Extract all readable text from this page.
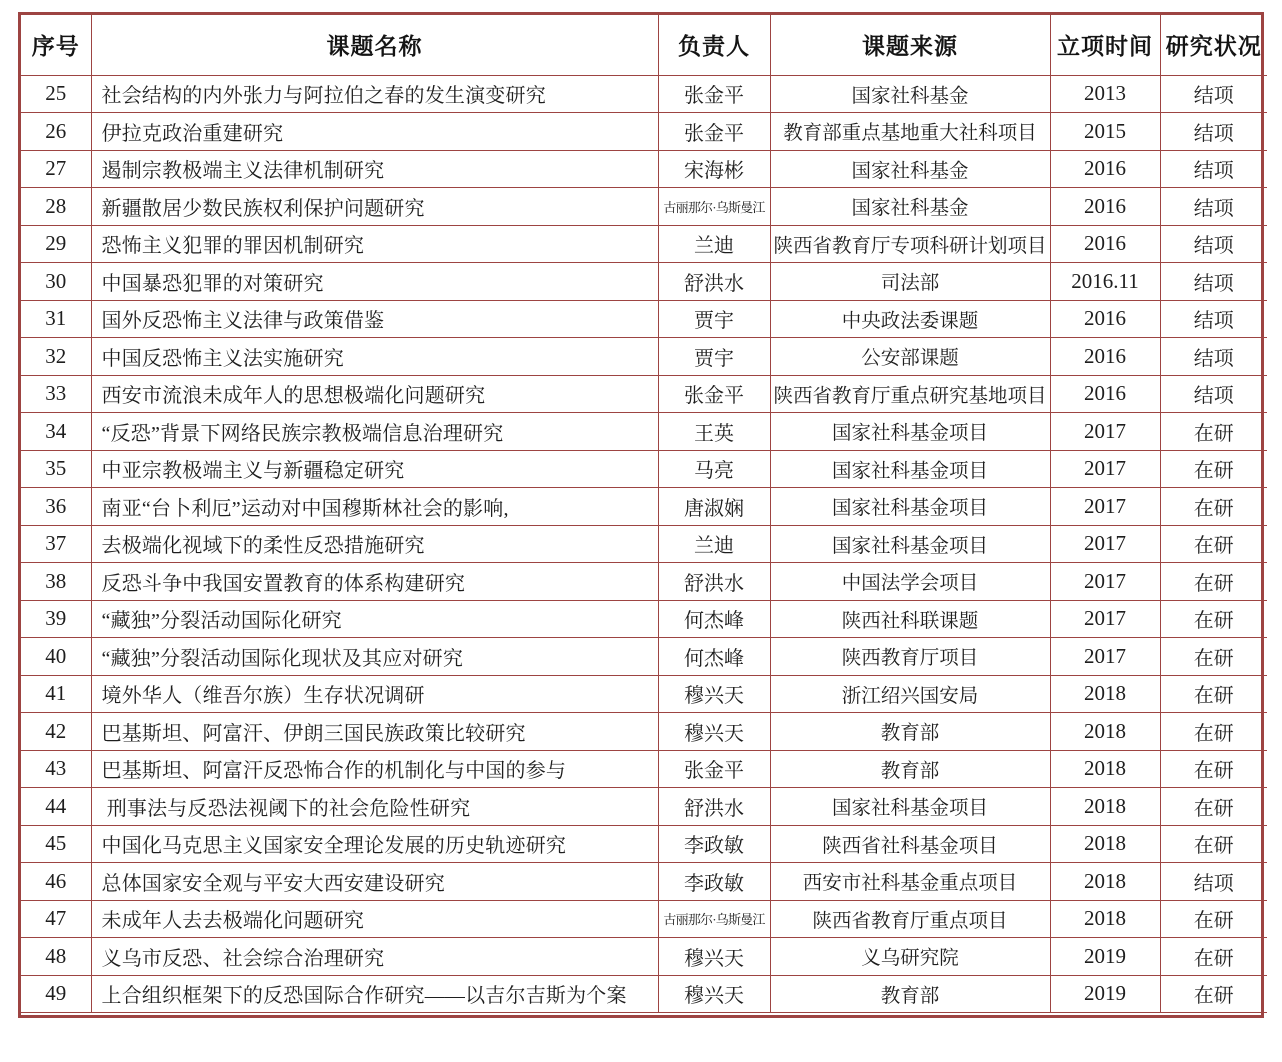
序号	课题名称	负责人	课题来源	立项时间	研究状况
25	社会结构的内外张力与阿拉伯之春的发生演变研究	张金平	国家社科基金	2013	结项
26	伊拉克政治重建研究	张金平	教育部重点基地重大社科项目	2015	结项
27	遏制宗教极端主义法律机制研究	宋海彬	国家社科基金	2016	结项
28	新疆散居少数民族权利保护问题研究	古丽那尔·乌斯曼江	国家社科基金	2016	结项
29	恐怖主义犯罪的罪因机制研究	兰迪	陕西省教育厅专项科研计划项目	2016	结项
30	中国暴恐犯罪的对策研究	舒洪水	司法部	2016.11	结项
31	国外反恐怖主义法律与政策借鉴	贾宇	中央政法委课题	2016	结项
32	中国反恐怖主义法实施研究	贾宇	公安部课题	2016	结项
33	西安市流浪未成年人的思想极端化问题研究	张金平	陕西省教育厅重点研究基地项目	2016	结项
34	“反恐”背景下网络民族宗教极端信息治理研究	王英	国家社科基金项目	2017	在研
35	中亚宗教极端主义与新疆稳定研究	马亮	国家社科基金项目	2017	在研
36	南亚“台卜利厄”运动对中国穆斯林社会的影响,	唐淑娴	国家社科基金项目	2017	在研
37	去极端化视域下的柔性反恐措施研究	兰迪	国家社科基金项目	2017	在研
38	反恐斗争中我国安置教育的体系构建研究	舒洪水	中国法学会项目	2017	在研
39	“藏独”分裂活动国际化研究	何杰峰	陕西社科联课题	2017	在研
40	“藏独”分裂活动国际化现状及其应对研究	何杰峰	陕西教育厅项目	2017	在研
41	境外华人（维吾尔族）生存状况调研	穆兴天	浙江绍兴国安局	2018	在研
42	巴基斯坦、阿富汗、伊朗三国民族政策比较研究	穆兴天	教育部	2018	在研
43	巴基斯坦、阿富汗反恐怖合作的机制化与中国的参与	张金平	教育部	2018	在研
44	刑事法与反恐法视阈下的社会危险性研究	舒洪水	国家社科基金项目	2018	在研
45	中国化马克思主义国家安全理论发展的历史轨迹研究	李政敏	陕西省社科基金项目	2018	在研
46	总体国家安全观与平安大西安建设研究	李政敏	西安市社科基金重点项目	2018	结项
47	未成年人去去极端化问题研究	古丽那尔·乌斯曼江	陕西省教育厅重点项目	2018	在研
48	义乌市反恐、社会综合治理研究	穆兴天	义乌研究院	2019	在研
49	上合组织框架下的反恐国际合作研究——以吉尔吉斯为个案	穆兴天	教育部	2019	在研
